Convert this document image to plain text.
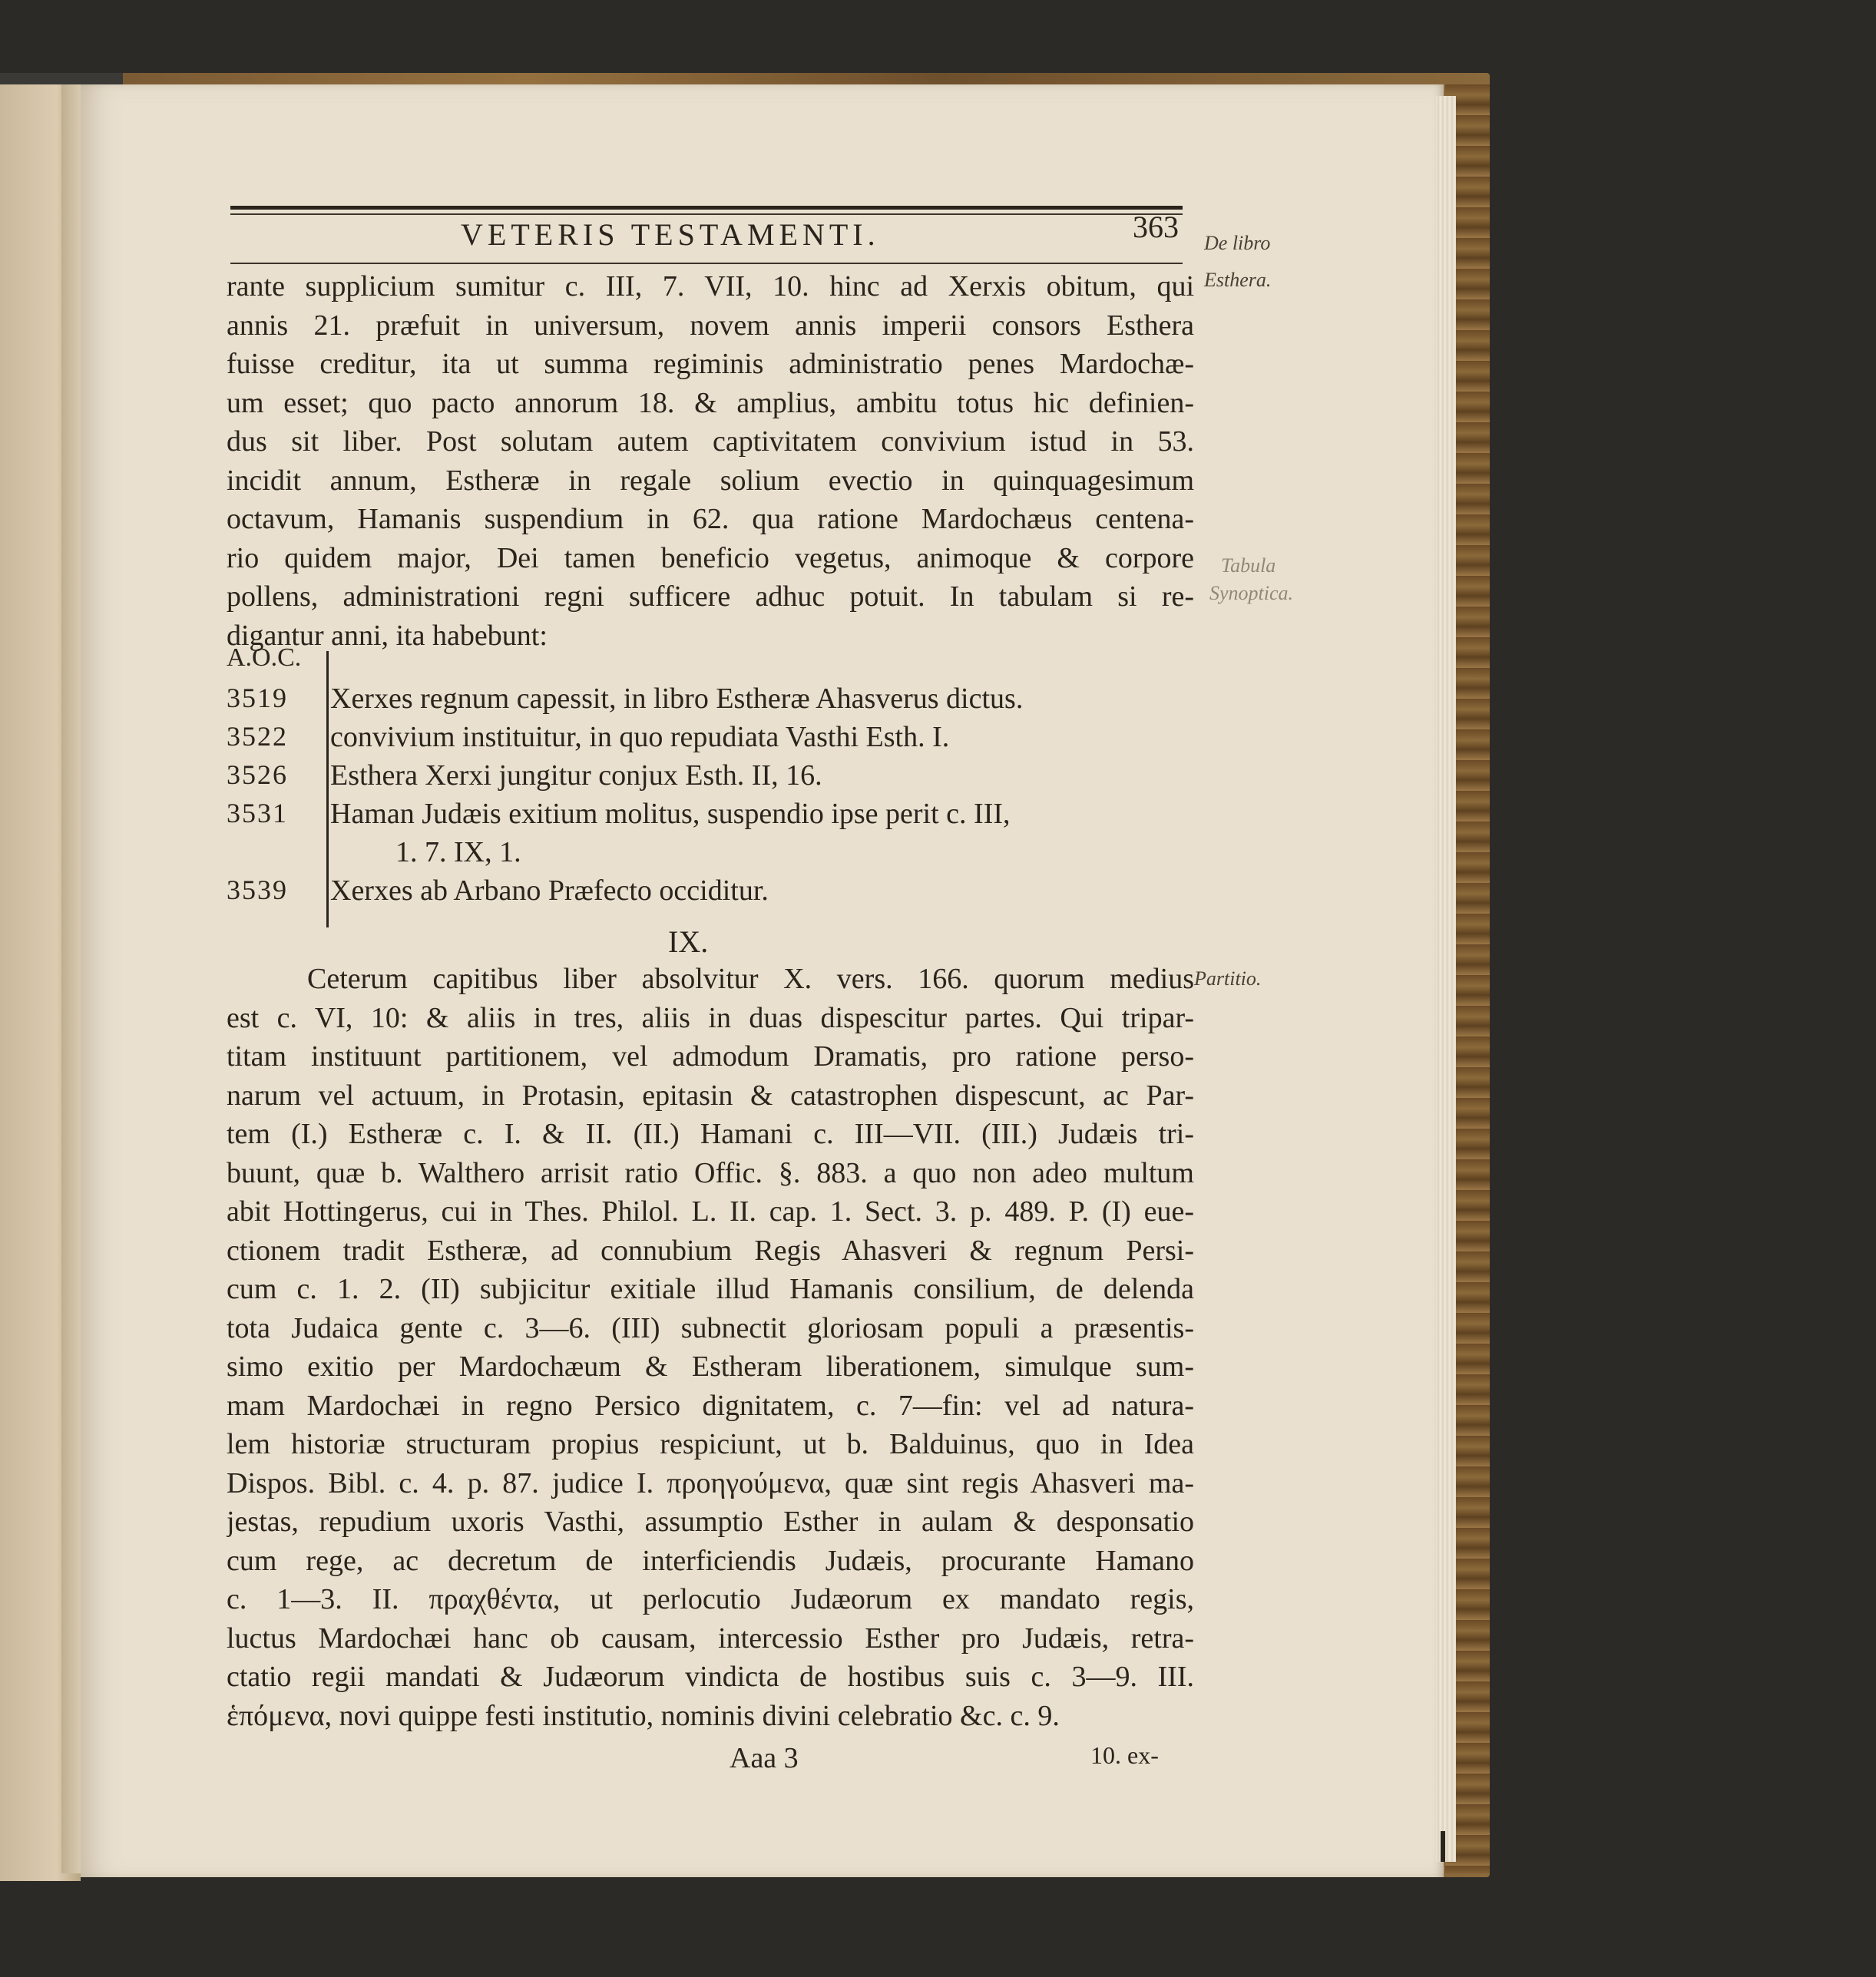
VETERIS TESTAMENTI.	363 De libro
Esthera.
Tabula
Synoptica.
Partitio.
rante supplicium sumitur c. III, 7. VII, 10. hinc ad Xerxis obitum, qui
annis 21. præfuit in universum, novem annis imperii consors Esthera
fuisse creditur, ita ut summa regiminis administratio penes Mardochæ-
um esset; quo pacto annorum 18. & amplius, ambitu totus hic definien-
dus sit liber. Post solutam autem captivitatem convivium istud in 53.
incidit annum, Estheræ in regale solium evectio in quinquagesimum
octavum, Hamanis suspendium in 62. qua ratione Mardochæus centena-
rio quidem major, Dei tamen beneficio vegetus, animoque & corpore
pollens, administrationi regni sufficere adhuc potuit. In tabulam si re-
digantur anni, ita habebunt:
A.O.C.
3519	Xerxes regnum capessit, in libro Estheræ Ahasverus dictus.
3522	convivium instituitur, in quo repudiata Vasthi Esth. I.
3526	Esthera Xerxi jungitur conjux Esth. II, 16.
3531	Haman Judæis exitium molitus, suspendio ipse perit c. III,
1. 7. IX, 1.
3539	Xerxes ab Arbano Præfecto occiditur.
IX.
Ceterum capitibus liber absolvitur X. vers. 166. quorum medius
est c. VI, 10: & aliis in tres, aliis in duas dispescitur partes. Qui tripar-
titam instituunt partitionem, vel admodum Dramatis, pro ratione perso-
narum vel actuum, in Protasin, epitasin & catastrophen dispescunt, ac Par-
tem (I.) Estheræ c. I. & II. (II.) Hamani c. III—VII. (III.) Judæis tri-
buunt, quæ b. Walthero arrisit ratio Offic. §. 883. a quo non adeo multum
abit Hottingerus, cui in Thes. Philol. L. II. cap. 1. Sect. 3. p. 489. P. (I) eue-
ctionem tradit Estheræ, ad connubium Regis Ahasveri & regnum Persi-
cum c. 1. 2. (II) subjicitur exitiale illud Hamanis consilium, de delenda
tota Judaica gente c. 3—6. (III) subnectit gloriosam populi a præsentis-
simo exitio per Mardochæum & Estheram liberationem, simulque sum-
mam Mardochæi in regno Persico dignitatem, c. 7—fin: vel ad natura-
lem historiæ structuram propius respiciunt, ut b. Balduinus, quo in Idea
Dispos. Bibl. c. 4. p. 87. judice I. προηγούμενα, quæ sint regis Ahasveri ma-
jestas, repudium uxoris Vasthi, assumptio Esther in aulam & desponsatio
cum rege, ac decretum de interficiendis Judæis, procurante Hamano
c. 1—3. II. πραχθέντα, ut perlocutio Judæorum ex mandato regis,
luctus Mardochæi hanc ob causam, intercessio Esther pro Judæis, retra-
ctatio regii mandati & Judæorum vindicta de hostibus suis c. 3—9. III.
ἑπόμενα, novi quippe festi institutio, nominis divini celebratio &c. c. 9.
Aaa 3	10. ex-
